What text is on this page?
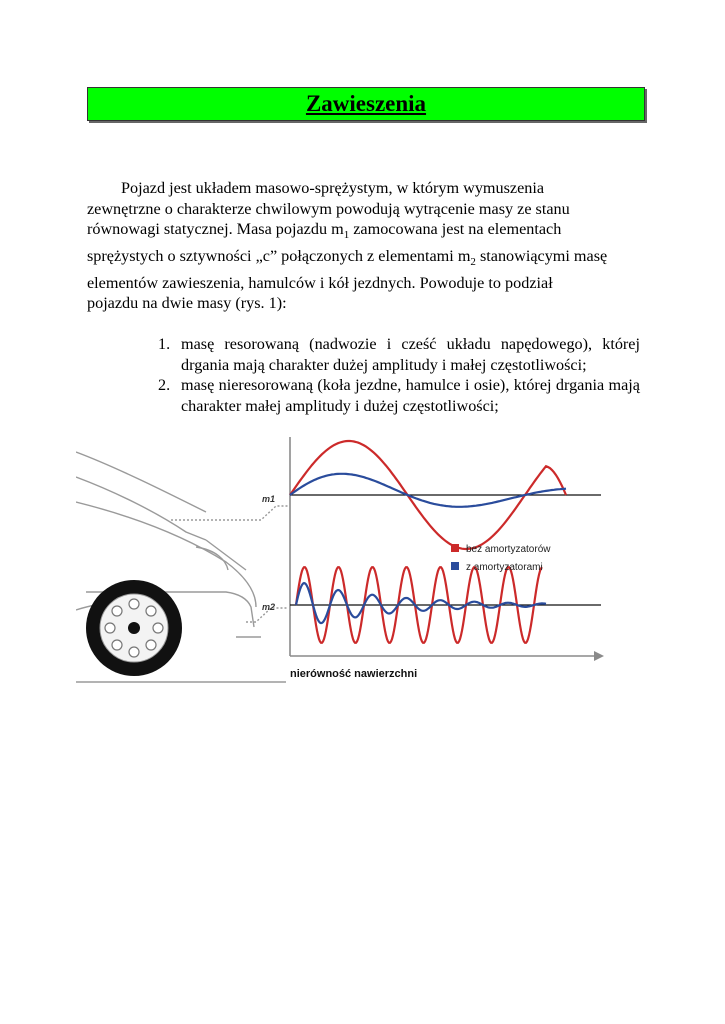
Zawieszenia
Pojazd jest układem masowo-sprężystym, w którym wymuszenia
zewnętrzne o charakterze chwilowym powodują wytrącenie masy ze stanu
równowagi statycznej. Masa pojazdu $m_1$ zamocowana jest na elementach
sprężystych o sztywności „c” połączonych z elementami $m_2$ stanowiącymi masę
elementów zawieszenia, hamulców i kół jezdnych. Powoduje to podział
pojazdu na dwie masy (rys. 1):
1. masę resorowaną (nadwozie i cześć układu napędowego), której drgania mają charakter dużej amplitudy i małej częstotliwości;
2. masę nieresorowaną (koła jezdne, hamulce i osie), której drgania mają charakter małej amplitudy i dużej częstotliwości;
m1
m2
bez amortyzatorów
z amortyzatorami
nierówność nawierzchni
